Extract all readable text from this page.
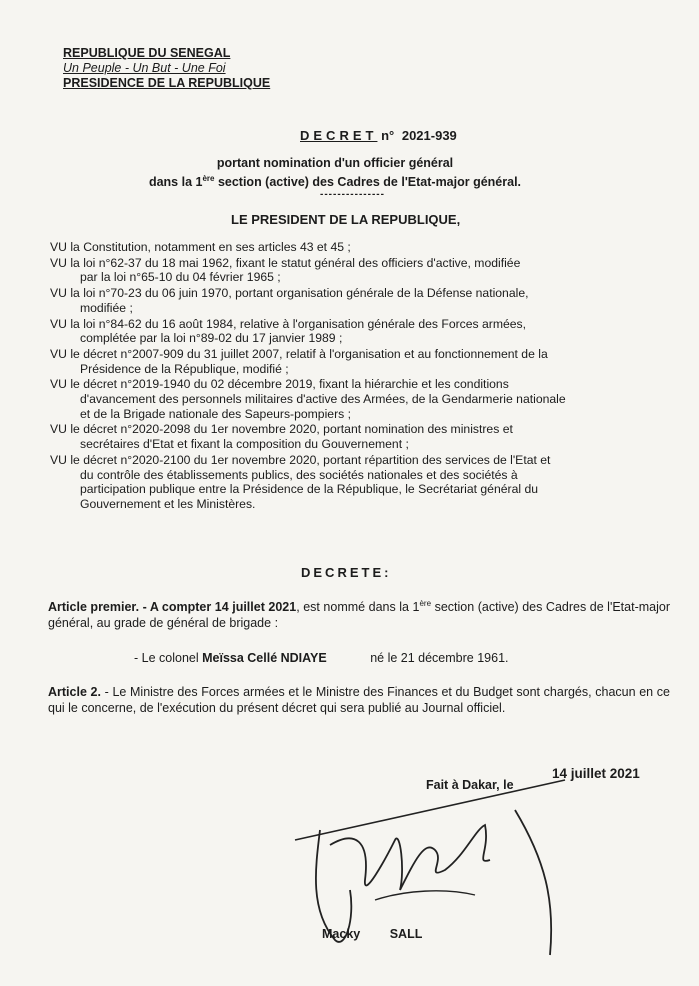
REPUBLIQUE DU SENEGAL
Un Peuple - Un But - Une Foi
PRESIDENCE DE LA REPUBLIQUE
DECRET n° 2021-939
portant nomination d'un officier général
dans la 1ère section (active) des Cadres de l'Etat-major général.
---------------
LE PRESIDENT DE LA REPUBLIQUE,
VU la Constitution, notamment en ses articles 43 et 45 ;
VU la loi n°62-37 du 18 mai 1962, fixant le statut général des officiers d'active, modifiée
par la loi n°65-10 du 04 février 1965 ;
VU la loi n°70-23 du 06 juin 1970, portant organisation générale de la Défense nationale,
modifiée ;
VU la loi n°84-62 du 16 août 1984, relative à l'organisation générale des Forces armées,
complétée par la loi n°89-02 du 17 janvier 1989 ;
VU le décret n°2007-909 du 31 juillet 2007, relatif à l'organisation et au fonctionnement de la
Présidence de la République, modifié ;
VU le décret n°2019-1940 du 02 décembre 2019, fixant la hiérarchie et les conditions
d'avancement des personnels militaires d'active des Armées, de la Gendarmerie nationale
et de la Brigade nationale des Sapeurs-pompiers ;
VU le décret n°2020-2098 du 1er novembre 2020, portant nomination des ministres et
secrétaires d'Etat et fixant la composition du Gouvernement ;
VU le décret n°2020-2100 du 1er novembre 2020, portant répartition des services de l'Etat et
du contrôle des établissements publics, des sociétés nationales et des sociétés à
participation publique entre la Présidence de la République, le Secrétariat général du
Gouvernement et les Ministères.
DECRETE:
Article premier. - A compter 14 juillet 2021, est nommé dans la 1ère section (active) des Cadres de l'Etat-major général, au grade de général de brigade :
- Le colonel Meïssa Cellé NDIAYE	né le 21 décembre 1961.
Article 2. - Le Ministre des Forces armées et le Ministre des Finances et du Budget sont chargés, chacun en ce qui le concerne, de l'exécution du présent décret qui sera publié au Journal officiel.
Fait à Dakar, le
14 juillet 2021
Macky SALL
